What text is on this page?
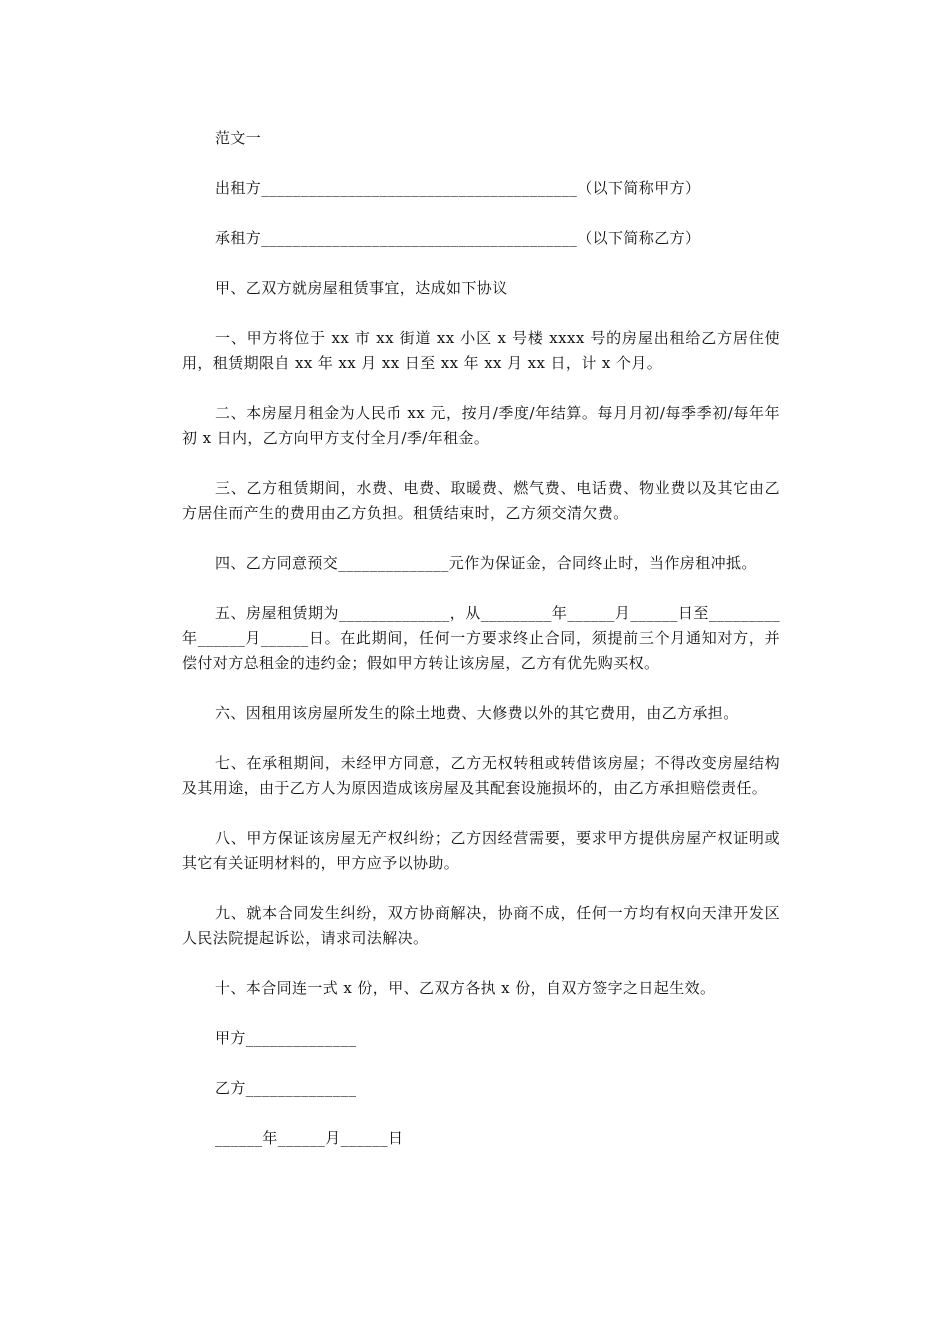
范文一

出租方________________________________________（以下简称甲方）

承租方________________________________________（以下简称乙方）

甲、乙双方就房屋租赁事宜，达成如下协议

一、甲方将位于 xx 市 xx 街道 xx 小区 x 号楼 xxxx 号的房屋出租给乙方居住使用，租赁期限自 xx 年 xx 月 xx 日至 xx 年 xx 月 xx 日，计 x 个月。

二、本房屋月租金为人民币 xx 元，按月/季度/年结算。每月月初/每季季初/每年年初 x 日内，乙方向甲方支付全月/季/年租金。

三、乙方租赁期间，水费、电费、取暖费、燃气费、电话费、物业费以及其它由乙方居住而产生的费用由乙方负担。租赁结束时，乙方须交清欠费。

四、乙方同意预交______________元作为保证金，合同终止时，当作房租冲抵。

五、房屋租赁期为______________，从_________年______月______日至_________年______月______日。在此期间，任何一方要求终止合同，须提前三个月通知对方，并偿付对方总租金的违约金；假如甲方转让该房屋，乙方有优先购买权。

六、因租用该房屋所发生的除土地费、大修费以外的其它费用，由乙方承担。

七、在承租期间，未经甲方同意，乙方无权转租或转借该房屋；不得改变房屋结构及其用途，由于乙方人为原因造成该房屋及其配套设施损坏的，由乙方承担赔偿责任。

八、甲方保证该房屋无产权纠纷；乙方因经营需要，要求甲方提供房屋产权证明或其它有关证明材料的，甲方应予以协助。

九、就本合同发生纠纷，双方协商解决，协商不成，任何一方均有权向天津开发区人民法院提起诉讼，请求司法解决。

十、本合同连一式 x 份，甲、乙双方各执 x 份，自双方签字之日起生效。

甲方______________

乙方______________

______年______月______日
